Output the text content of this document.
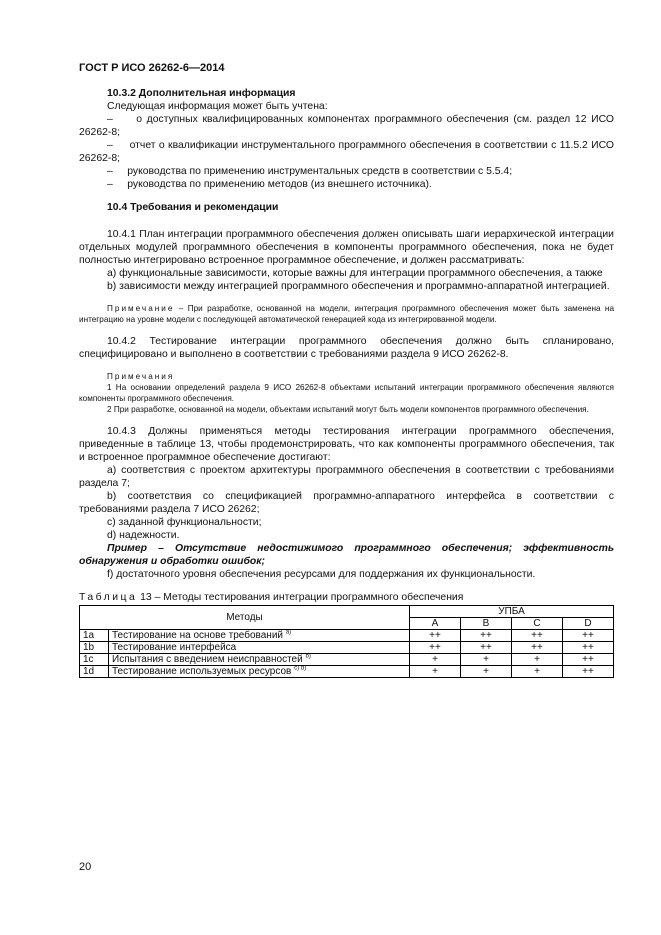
ГОСТ Р ИСО 26262-6—2014

10.3.2 Дополнительная информация

Следующая информация может быть учтена:

– о доступных квалифицированных компонентах программного обеспечения (см. раздел 12 ИСО 26262-8;

– отчет о квалификации инструментального программного обеспечения в соответствии с 11.5.2 ИСО 26262-8;

– руководства по применению инструментальных средств в соответствии с 5.5.4;

– руководства по применению методов (из внешнего источника).

10.4 Требования и рекомендации

10.4.1 План интеграции программного обеспечения должен описывать шаги иерархической интеграции отдельных модулей программного обеспечения в компоненты программного обеспечения, пока не будет полностью интегрировано встроенное программное обеспечение, и должен рассматривать:

a) функциональные зависимости, которые важны для интеграции программного обеспечения, а также

b) зависимости между интеграцией программного обеспечения и программно-аппаратной интеграцией.

Примечание – При разработке, основанной на модели, интеграция программного обеспечения может быть заменена на интеграцию на уровне модели с последующей автоматической генерацией кода из интегрированной модели.

10.4.2 Тестирование интеграции программного обеспечения должно быть спланировано, специфицировано и выполнено в соответствии с требованиями раздела 9 ИСО 26262-8.

Примечания

1 На основании определений раздела 9 ИСО 26262-8 объектами испытаний интеграции программного обеспечения являются компоненты программного обеспечения.

2 При разработке, основанной на модели, объектами испытаний могут быть модели компонентов программного обеспечения.

10.4.3 Должны применяться методы тестирования интеграции программного обеспечения, приведенные в таблице 13, чтобы продемонстрировать, что как компоненты программного обеспечения, так и встроенное программное обеспечение достигают:

a) соответствия с проектом архитектуры программного обеспечения в соответствии с требованиями раздела 7;

b) соответствия со спецификацией программно-аппаратного интерфейса в соответствии с требованиями раздела 7 ИСО 26262;

c) заданной функциональности;

d) надежности.

Пример – Отсутствие недостижимого программного обеспечения; эффективность обнаружения и обработки ошибок;

f) достаточного уровня обеспечения ресурсами для поддержания их функциональности.

Таблица 13 – Методы тестирования интеграции программного обеспечения

Методы		УПБА			
		A	B	C	D
1a	Тестирование на основе требований $^{a)}$	++	++	++	++
1b	Тестирование интерфейса	++	++	++	++
1c	Испытания с введением неисправностей $^{b)}$	+	+	+	++
1d	Тестирование используемых ресурсов $^{c) d)}$	+	+	+	++
20
